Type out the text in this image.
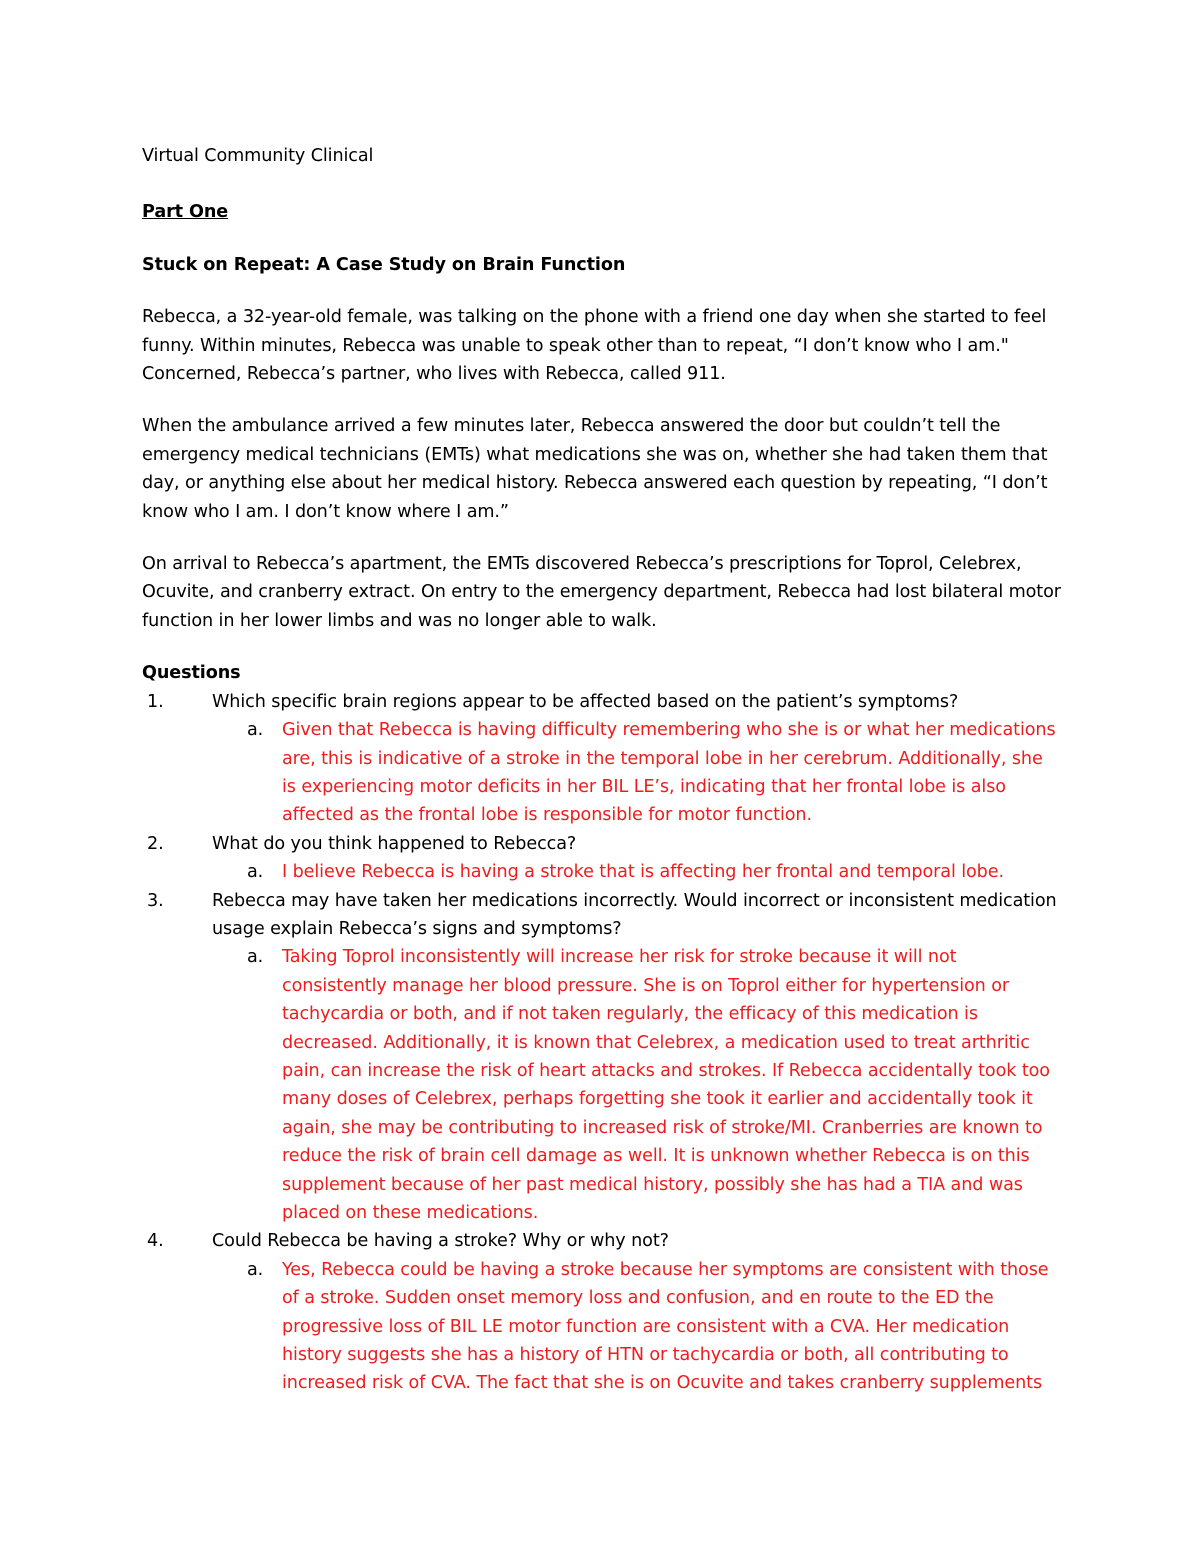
Virtual Community Clinical
Part One
Stuck on Repeat: A Case Study on Brain Function

Rebecca, a 32-year-old female, was talking on the phone with a friend one day when she started to feel funny. Within minutes, Rebecca was unable to speak other than to repeat, “I don’t know who I am." Concerned, Rebecca’s partner, who lives with Rebecca, called 911.

When the ambulance arrived a few minutes later, Rebecca answered the door but couldn’t tell the emergency medical technicians (EMTs) what medications she was on, whether she had taken them that day, or anything else about her medical history. Rebecca answered each question by repeating, “I don’t know who I am. I don’t know where I am.”

On arrival to Rebecca’s apartment, the EMTs discovered Rebecca’s prescriptions for Toprol, Celebrex, Ocuvite, and cranberry extract. On entry to the emergency department, Rebecca had lost bilateral motor function in her lower limbs and was no longer able to walk.

Questions
1.	Which specific brain regions appear to be affected based on the patient’s symptoms?
a. Given that Rebecca is having difficulty remembering who she is or what her medications are, this is indicative of a stroke in the temporal lobe in her cerebrum. Additionally, she is experiencing motor deficits in her BIL LE’s, indicating that her frontal lobe is also affected as the frontal lobe is responsible for motor function.
2.	What do you think happened to Rebecca?
a. I believe Rebecca is having a stroke that is affecting her frontal and temporal lobe.
3.	Rebecca may have taken her medications incorrectly. Would incorrect or inconsistent medication usage explain Rebecca’s signs and symptoms?
a. Taking Toprol inconsistently will increase her risk for stroke because it will not consistently manage her blood pressure. She is on Toprol either for hypertension or tachycardia or both, and if not taken regularly, the efficacy of this medication is decreased. Additionally, it is known that Celebrex, a medication used to treat arthritic pain, can increase the risk of heart attacks and strokes. If Rebecca accidentally took too many doses of Celebrex, perhaps forgetting she took it earlier and accidentally took it again, she may be contributing to increased risk of stroke/MI. Cranberries are known to reduce the risk of brain cell damage as well. It is unknown whether Rebecca is on this supplement because of her past medical history, possibly she has had a TIA and was placed on these medications.
4.	Could Rebecca be having a stroke? Why or why not?
a. Yes, Rebecca could be having a stroke because her symptoms are consistent with those of a stroke. Sudden onset memory loss and confusion, and en route to the ED the progressive loss of BIL LE motor function are consistent with a CVA. Her medication history suggests she has a history of HTN or tachycardia or both, all contributing to increased risk of CVA. The fact that she is on Ocuvite and takes cranberry supplements
